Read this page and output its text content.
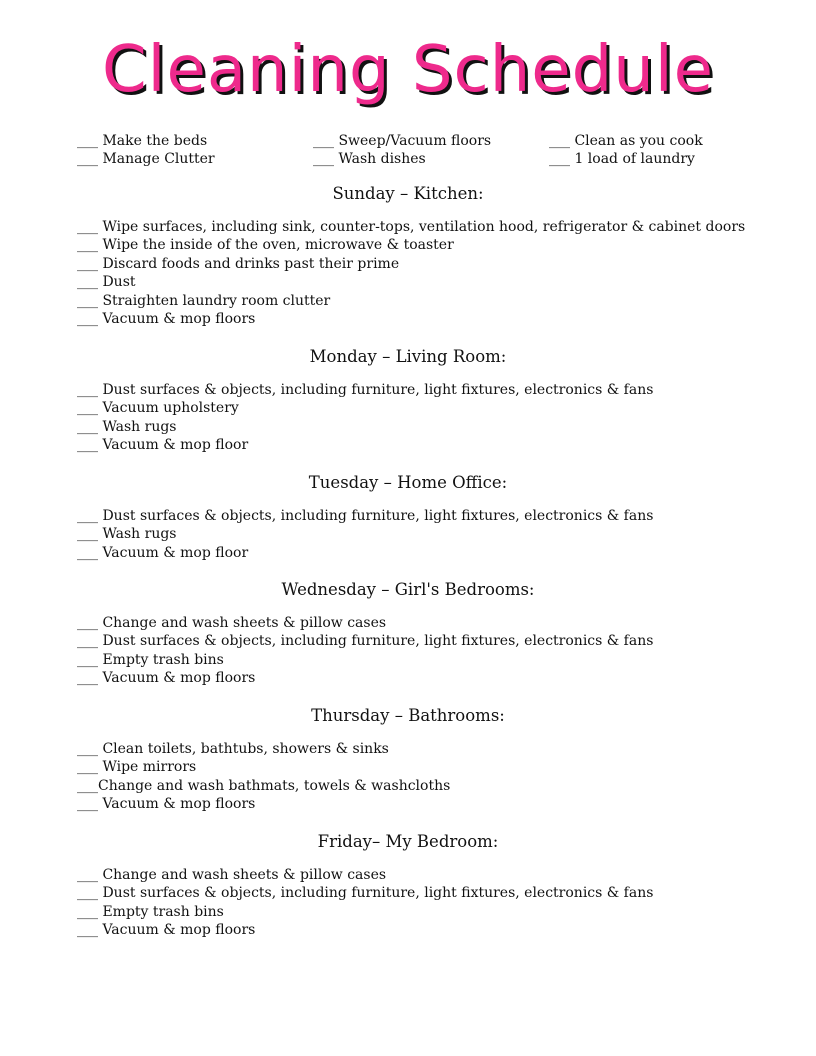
Cleaning Schedule
___ Make the beds
___ Manage Clutter
___ Sweep/Vacuum floors
___ Wash dishes
___ Clean as you cook
___ 1 load of laundry
Sunday – Kitchen:
___ Wipe surfaces, including sink, counter-tops, ventilation hood, refrigerator & cabinet doors
___ Wipe the inside of the oven, microwave & toaster
___ Discard foods and drinks past their prime
___ Dust
___ Straighten laundry room clutter
___ Vacuum & mop floors
Monday – Living Room:
___ Dust surfaces & objects, including furniture, light fixtures, electronics & fans
___ Vacuum upholstery
___ Wash rugs
___ Vacuum & mop floor
Tuesday – Home Office:
___ Dust surfaces & objects, including furniture, light fixtures, electronics & fans
___ Wash rugs
___ Vacuum & mop floor
Wednesday – Girl's Bedrooms:
___ Change and wash sheets & pillow cases
___ Dust surfaces & objects, including furniture, light fixtures, electronics & fans
___ Empty trash bins
___ Vacuum & mop floors
Thursday – Bathrooms:
___ Clean toilets, bathtubs, showers & sinks
___ Wipe mirrors
___Change and wash bathmats, towels & washcloths
___ Vacuum & mop floors
Friday– My Bedroom:
___ Change and wash sheets & pillow cases
___ Dust surfaces & objects, including furniture, light fixtures, electronics & fans
___ Empty trash bins
___ Vacuum & mop floors
